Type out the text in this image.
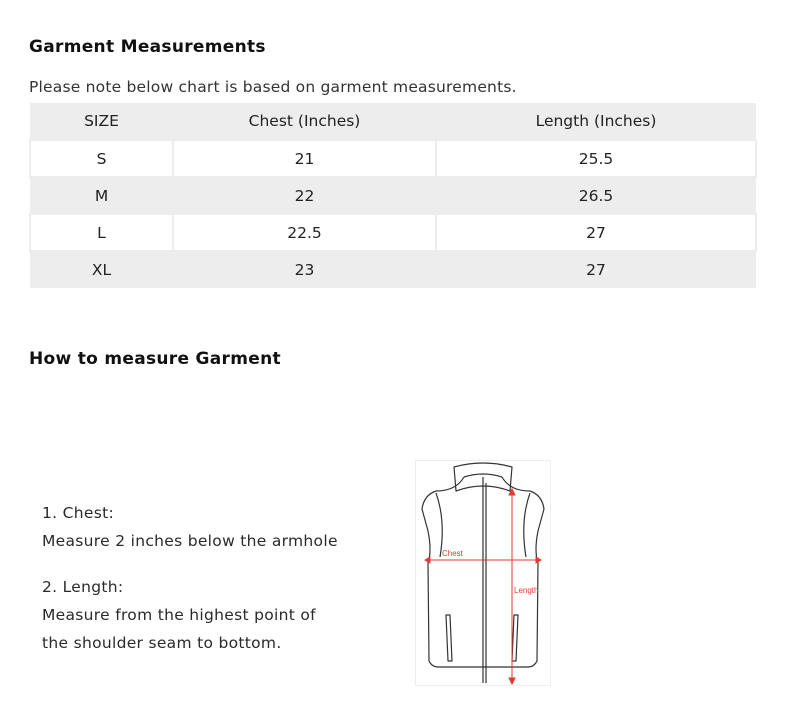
Garment Measurements
Please note below chart is based on garment measurements.
SIZE	Chest (Inches)	Length (Inches)
S	21	25.5
M	22	26.5
L	22.5	27
XL	23	27
How to measure Garment
1. Chest:
Measure 2 inches below the armhole
2. Length:
Measure from the highest point of
the shoulder seam to bottom.
Chest
Length
